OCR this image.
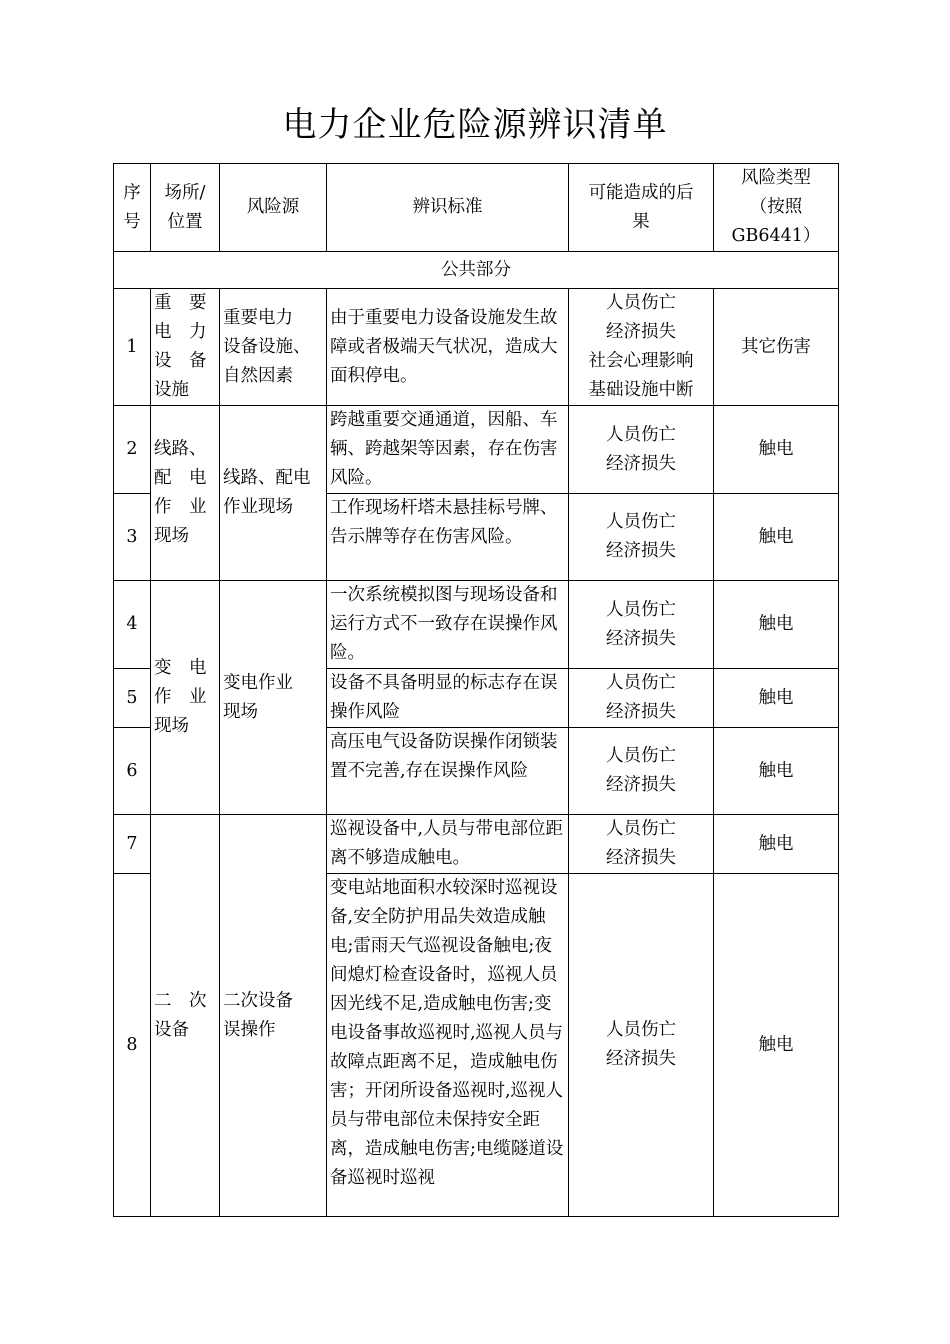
电力企业危险源辨识清单
序
号	场所/
位置	风险源	辨识标准	可能造成的后
果	风险类型
（按照
GB6441）
公共部分					
1	重　要
电　力
设　备
设施	重要电力
设备设施、
自然因素	由于重要电力设备设施发生故障或者极端天气状况，造成大面积停电。	人员伤亡
经济损失
社会心理影响
基础设施中断	其它伤害
2	线路、
配　电
作　业
现场	线路、配电
作业现场	跨越重要交通通道，因船、车辆、跨越架等因素，存在伤害风险。	人员伤亡
经济损失	触电
3			工作现场杆塔未悬挂标号牌、告示牌等存在伤害风险。	人员伤亡
经济损失	触电
4	变　电
作　业
现场	变电作业
现场	一次系统模拟图与现场设备和运行方式不一致存在误操作风险。	人员伤亡
经济损失	触电
5			设备不具备明显的标志存在误操作风险	人员伤亡
经济损失	触电
6			高压电气设备防误操作闭锁装置不完善,存在误操作风险	人员伤亡
经济损失	触电
7	二　次
设备	二次设备
误操作	巡视设备中,人员与带电部位距离不够造成触电。	人员伤亡
经济损失	触电
8			变电站地面积水较深时巡视设备,安全防护用品失效造成触电;雷雨天气巡视设备触电;夜间熄灯检查设备时，巡视人员因光线不足,造成触电伤害;变电设备事故巡视时,巡视人员与故障点距离不足，造成触电伤害；开闭所设备巡视时,巡视人员与带电部位未保持安全距离，造成触电伤害;电缆隧道设备巡视时巡视	人员伤亡
经济损失	触电
